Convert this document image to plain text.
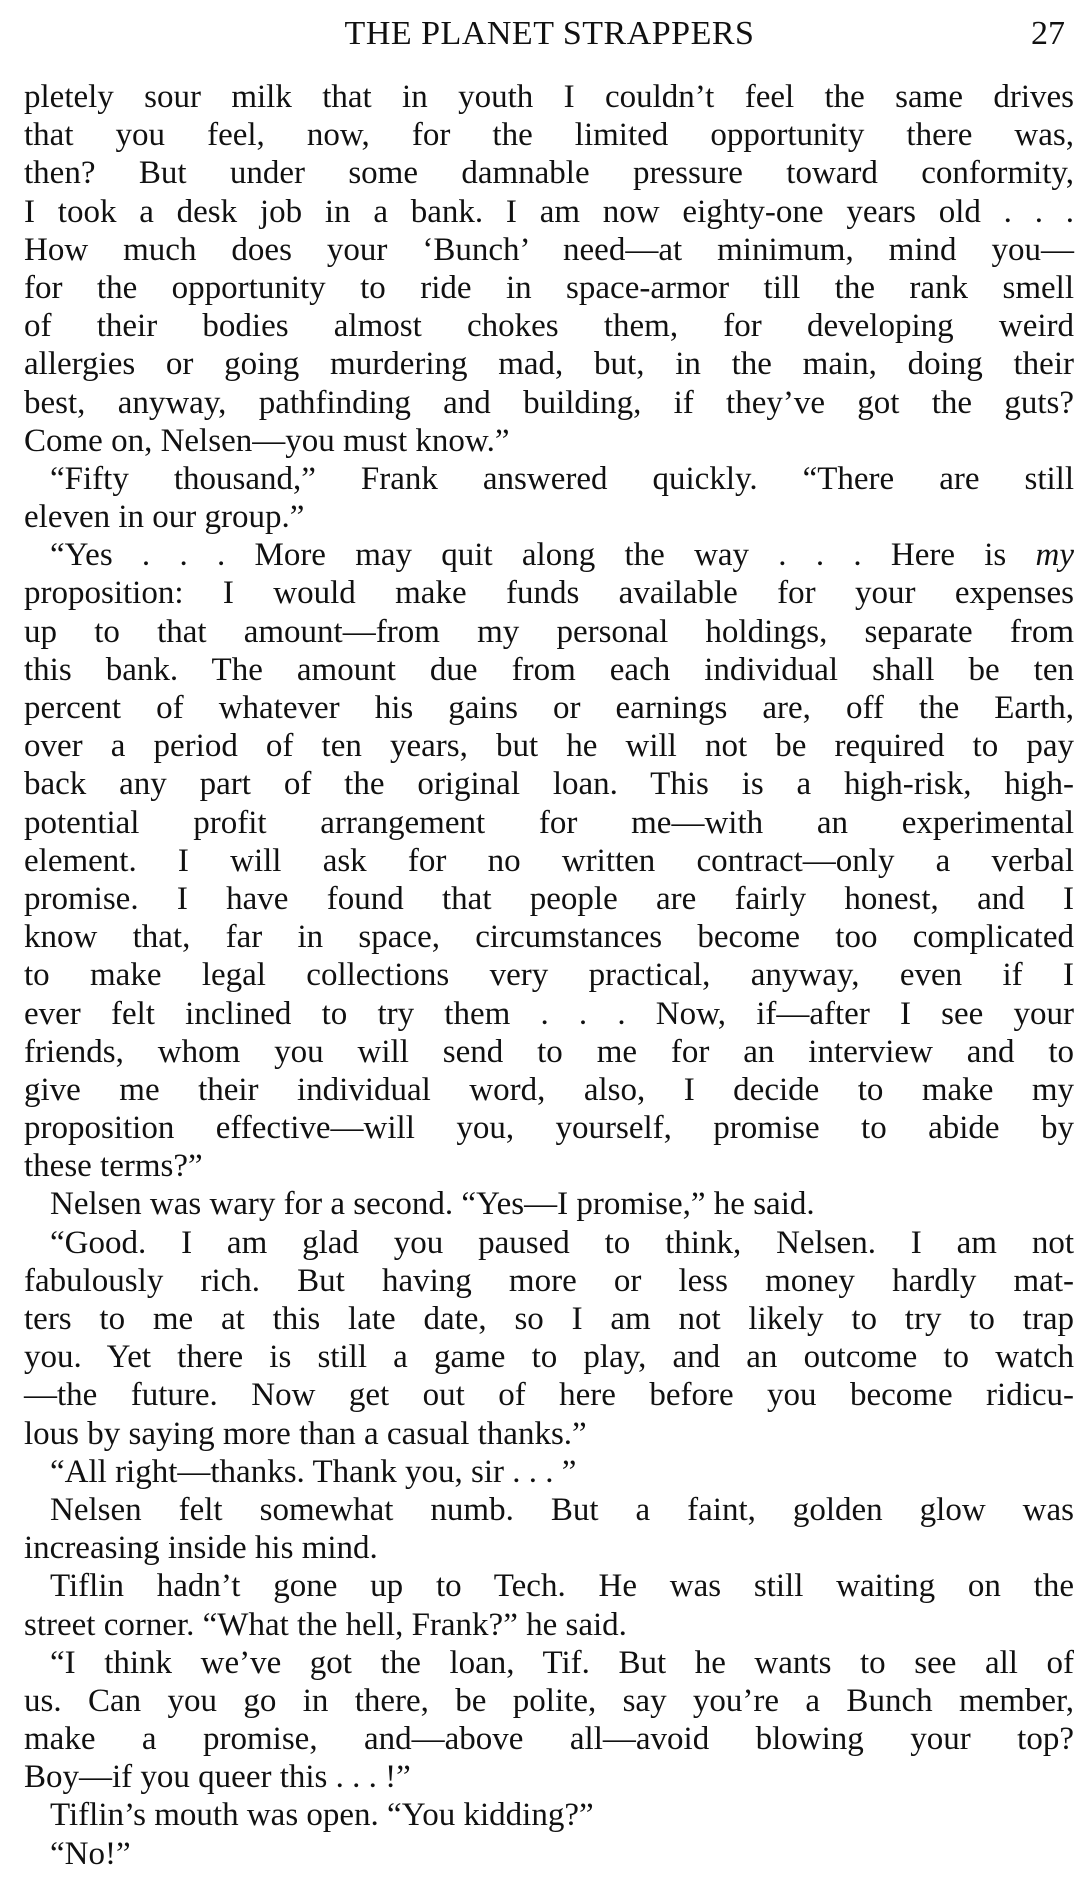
THE PLANET STRAPPERS	27
pletely sour milk that in youth I couldn’t feel the same drives
that you feel, now, for the limited opportunity there was,
then? But under some damnable pressure toward conformity,
I took a desk job in a bank. I am now eighty-one years old . . .
How much does your ‘Bunch’ need—at minimum, mind you—
for the opportunity to ride in space-armor till the rank smell
of their bodies almost chokes them, for developing weird
allergies or going murdering mad, but, in the main, doing their
best, anyway, pathfinding and building, if they’ve got the guts?
Come on, Nelsen—you must know.”
“Fifty thousand,” Frank answered quickly. “There are still
eleven in our group.”
“Yes . . . More may quit along the way . . . Here is my
proposition: I would make funds available for your expenses
up to that amount—from my personal holdings, separate from
this bank. The amount due from each individual shall be ten
percent of whatever his gains or earnings are, off the Earth,
over a period of ten years, but he will not be required to pay
back any part of the original loan. This is a high-risk, high-
potential profit arrangement for me—with an experimental
element. I will ask for no written contract—only a verbal
promise. I have found that people are fairly honest, and I
know that, far in space, circumstances become too complicated
to make legal collections very practical, anyway, even if I
ever felt inclined to try them . . . Now, if—after I see your
friends, whom you will send to me for an interview and to
give me their individual word, also, I decide to make my
proposition effective—will you, yourself, promise to abide by
these terms?”
Nelsen was wary for a second. “Yes—I promise,” he said.
“Good. I am glad you paused to think, Nelsen. I am not
fabulously rich. But having more or less money hardly mat-
ters to me at this late date, so I am not likely to try to trap
you. Yet there is still a game to play, and an outcome to watch
—the future. Now get out of here before you become ridicu-
lous by saying more than a casual thanks.”
“All right—thanks. Thank you, sir . . . ”
Nelsen felt somewhat numb. But a faint, golden glow was
increasing inside his mind.
Tiflin hadn’t gone up to Tech. He was still waiting on the
street corner. “What the hell, Frank?” he said.
“I think we’ve got the loan, Tif. But he wants to see all of
us. Can you go in there, be polite, say you’re a Bunch member,
make a promise, and—above all—avoid blowing your top?
Boy—if you queer this . . . !”
Tiflin’s mouth was open. “You kidding?”
“No!”
